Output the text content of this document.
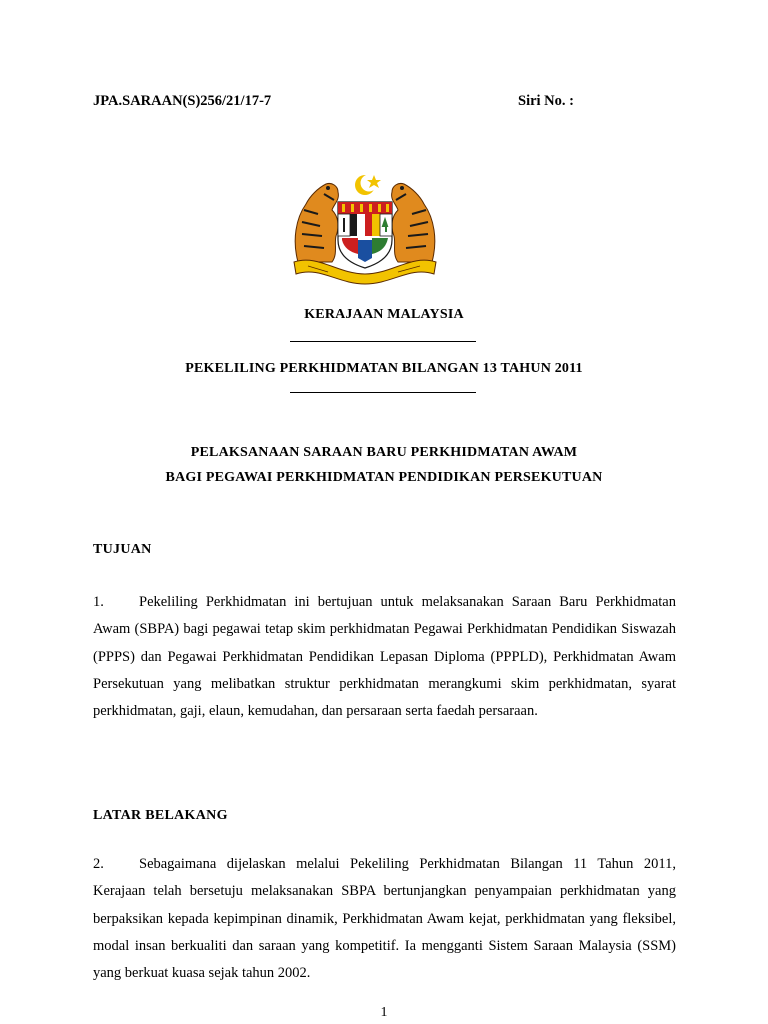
JPA.SARAAN(S)256/21/17-7	Siri No. :
KERAJAAN MALAYSIA
PEKELILING PERKHIDMATAN BILANGAN 13 TAHUN 2011
PELAKSANAAN SARAAN BARU PERKHIDMATAN AWAM
BAGI PEGAWAI PERKHIDMATAN PENDIDIKAN PERSEKUTUAN
TUJUAN

1. Pekeliling Perkhidmatan ini bertujuan untuk melaksanakan Saraan Baru Perkhidmatan Awam (SBPA) bagi pegawai tetap skim perkhidmatan Pegawai Perkhidmatan Pendidikan Siswazah (PPPS) dan Pegawai Perkhidmatan Pendidikan Lepasan Diploma (PPPLD), Perkhidmatan Awam Persekutuan yang melibatkan struktur perkhidmatan merangkumi skim perkhidmatan, syarat perkhidmatan, gaji, elaun, kemudahan, dan persaraan serta faedah persaraan.

LATAR BELAKANG

2. Sebagaimana dijelaskan melalui Pekeliling Perkhidmatan Bilangan 11 Tahun 2011, Kerajaan telah bersetuju melaksanakan SBPA bertunjangkan penyampaian perkhidmatan yang berpaksikan kepada kepimpinan dinamik, Perkhidmatan Awam kejat, perkhidmatan yang fleksibel, modal insan berkualiti dan saraan yang kompetitif. Ia mengganti Sistem Saraan Malaysia (SSM) yang berkuat kuasa sejak tahun 2002.

1
